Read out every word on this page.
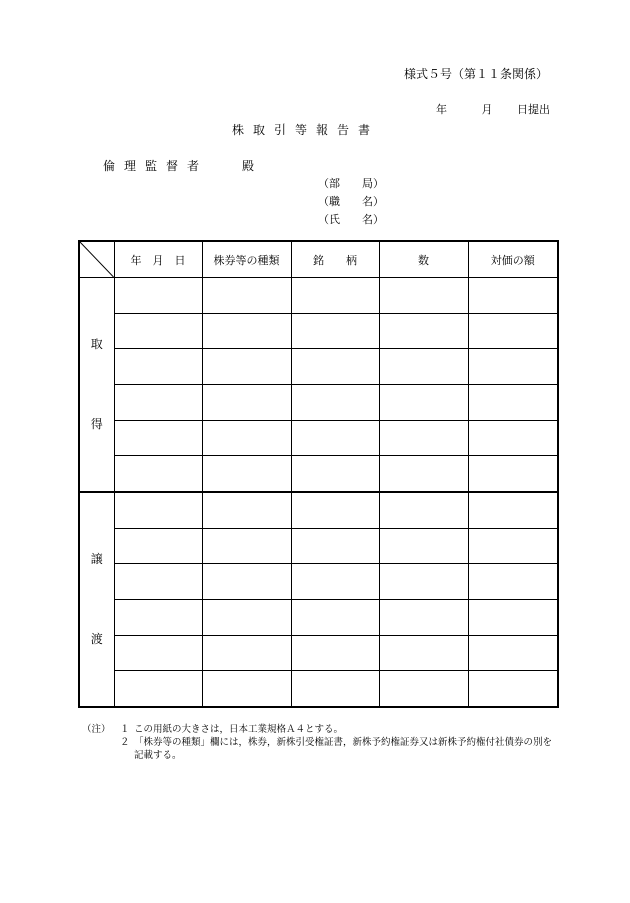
様式５号（第１１条関係）
年	月 日提出
株取引等報告書
倫理監督者	殿
（部　　局）
（職　　名）
（氏　　名）
	年　月　日	株券等の種類	銘　　柄	数	対価の額

取
得					

譲
渡					

（注） １ この用紙の大きさは，日本工業規格Ａ４とする。
２ 「株券等の種類」欄には，株券，新株引受権証書，新株予約権証券又は新株予約権付社債券の別を記載する。
